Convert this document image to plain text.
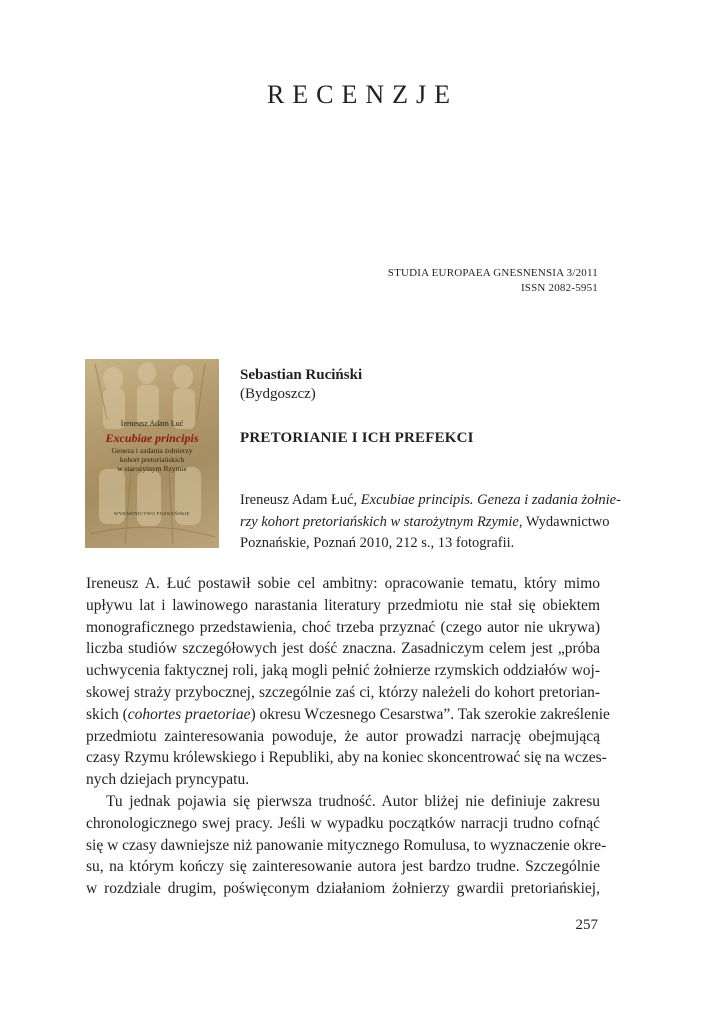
RECENZJE
STUDIA EUROPAEA GNESNENSIA 3/2011
ISSN 2082-5951
Ireneusz Adam Łuć
Excubiae principis
Geneza i zadania żołnierzy
kohort pretoriańskich
w starożytnym Rzymie
WYDAWNICTWO POZNAŃSKIE
Sebastian Ruciński
(Bydgoszcz)
PRETORIANIE I ICH PREFEKCI
Ireneusz Adam Łuć, Excubiae principis. Geneza i zadania żołnie-
rzy kohort pretoriańskich w starożytnym Rzymie, Wydawnictwo
Poznańskie, Poznań 2010, 212 s., 13 fotografii.
Ireneusz A. Łuć postawił sobie cel ambitny: opracowanie tematu, który mimo
upływu lat i lawinowego narastania literatury przedmiotu nie stał się obiektem
monograficznego przedstawienia, choć trzeba przyznać (czego autor nie ukrywa)
liczba studiów szczegółowych jest dość znaczna. Zasadniczym celem jest „próba
uchwycenia faktycznej roli, jaką mogli pełnić żołnierze rzymskich oddziałów woj-
skowej straży przybocznej, szczególnie zaś ci, którzy należeli do kohort pretorian-
skich (cohortes praetoriae) okresu Wczesnego Cesarstwa”. Tak szerokie zakreślenie
przedmiotu zainteresowania powoduje, że autor prowadzi narrację obejmującą
czasy Rzymu królewskiego i Republiki, aby na koniec skoncentrować się na wczes-
nych dziejach pryncypatu.
Tu jednak pojawia się pierwsza trudność. Autor bliżej nie definiuje zakresu
chronologicznego swej pracy. Jeśli w wypadku początków narracji trudno cofnąć
się w czasy dawniejsze niż panowanie mitycznego Romulusa, to wyznaczenie okre-
su, na którym kończy się zainteresowanie autora jest bardzo trudne. Szczególnie
w rozdziale drugim, poświęconym działaniom żołnierzy gwardii pretoriańskiej,
257
